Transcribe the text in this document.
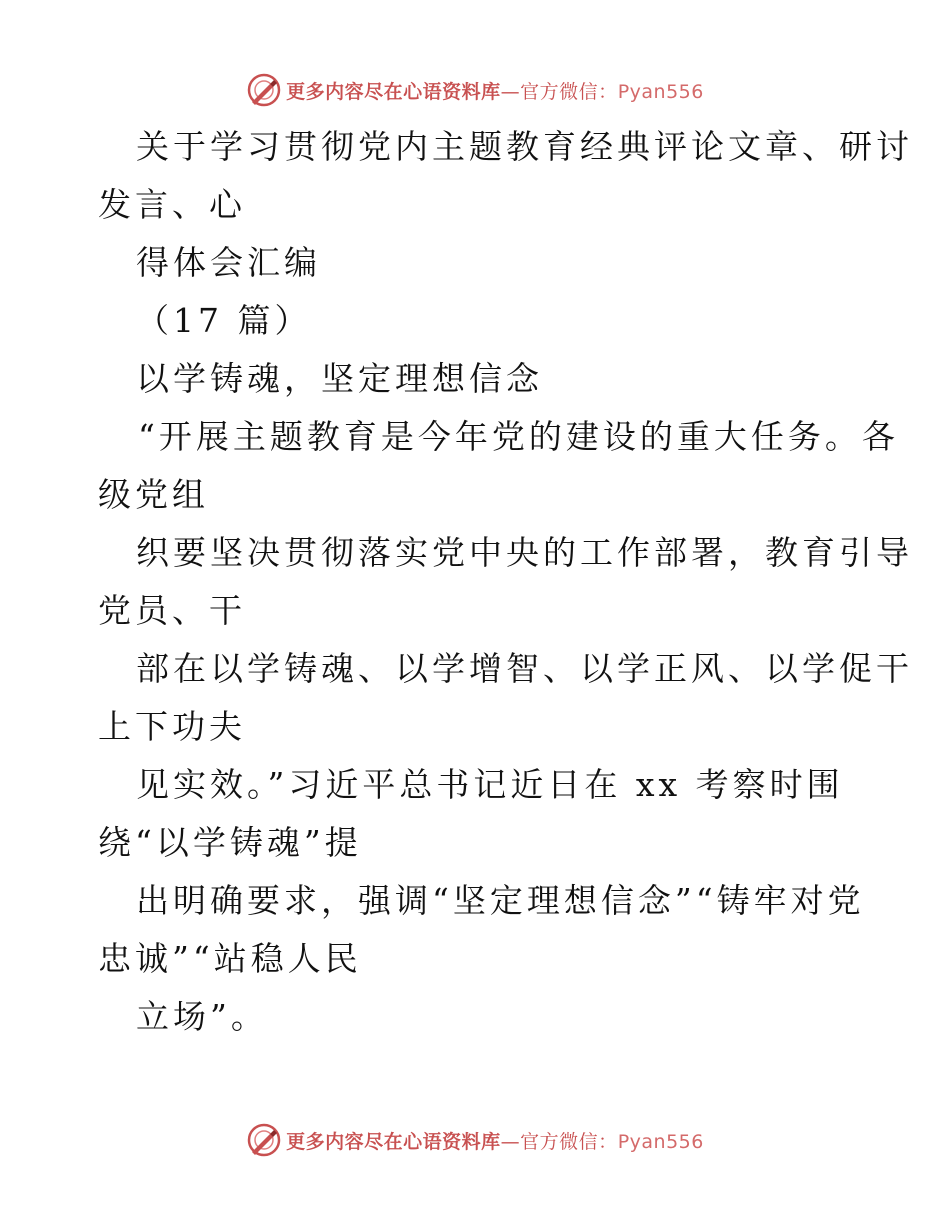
更多内容尽在心语资料库—官方微信：Pyan556
关于学习贯彻党内主题教育经典评论文章、研讨
发言、心
得体会汇编
（17 篇）
以学铸魂，坚定理想信念
“开展主题教育是今年党的建设的重大任务。各
级党组
织要坚决贯彻落实党中央的工作部署，教育引导
党员、干
部在以学铸魂、以学增智、以学正风、以学促干
上下功夫
见实效。”习近平总书记近日在 xx 考察时围
绕“以学铸魂”提
出明确要求，强调“坚定理想信念”“铸牢对党
忠诚”“站稳人民
立场”。
更多内容尽在心语资料库—官方微信：Pyan556
